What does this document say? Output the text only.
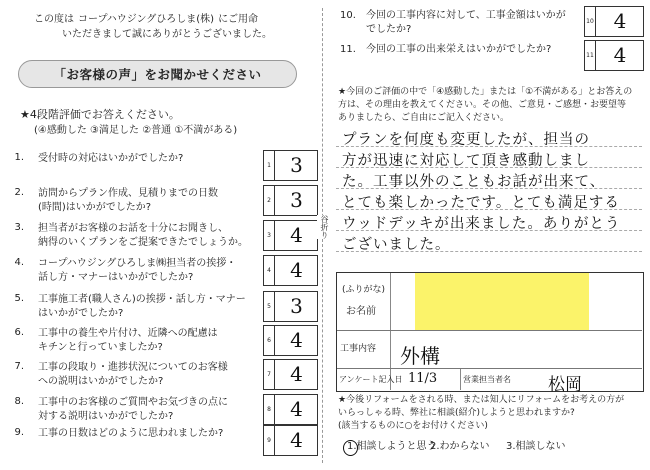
この度は コープハウジングひろしま(株) にご用命
いただきまして誠にありがとうございました。
「お客様の声」をお聞かせください
★4段階評価でお答えください。
(④感動した ③満足した ②普通 ①不満がある)
1. 受付時の対応はいかがでしたか?
1 3
2. 訪問からプラン作成、見積りまでの日数
(時間)はいかがでしたか?
2 3
3. 担当者がお客様のお話を十分にお聞きし、
納得のいくプランをご提案できたでしょうか。
3 4
4. コープハウジングひろしま㈱担当者の挨拶・
話し方・マナーはいかがでしたか?
4 4
5. 工事施工者(職人さん)の挨拶・話し方・マナー
はいかがでしたか?
5 3
6. 工事中の養生や片付け、近隣への配慮は
キチンと行っていましたか?
6 4
7. 工事の段取り・進捗状況についてのお客様
への説明はいかがでしたか?
7 4
8. 工事中のお客様のご質問やお気づきの点に
対する説明はいかがでしたか?
8 4
9. 工事の日数はどのように思われましたか?
9 4
谷折り
10. 今回の工事内容に対して、工事金額はいかが
でしたか?
10 4
11. 今回の工事の出来栄えはいかがでしたか?
11 4
★今回のご評価の中で「④感動した」または「①不満がある」とお答えの
方は、その理由を教えてください。その他、ご意見・ご感想・お要望等
ありましたら、ご自由にご記入ください。
プランを何度も変更したが、担当の
方が迅速に対応して頂き感動しまし
た。工事以外のこともお話が出来て、
とても楽しかったです。とても満足する
ウッドデッキが出来ました。ありがとう
ございました。
(ふりがな)
お名前
工事内容 外構
アンケート記入日 11/3	営業担当者名 松岡
★今後リフォームをされる時、または知人にリフォームをお考えの方が
いらっしゃる時、弊社に相談(紹介)しようと思われますか?
(該当するものに○をお付けください)
1.相談しようと思う
2.わからない 3.相談しない
